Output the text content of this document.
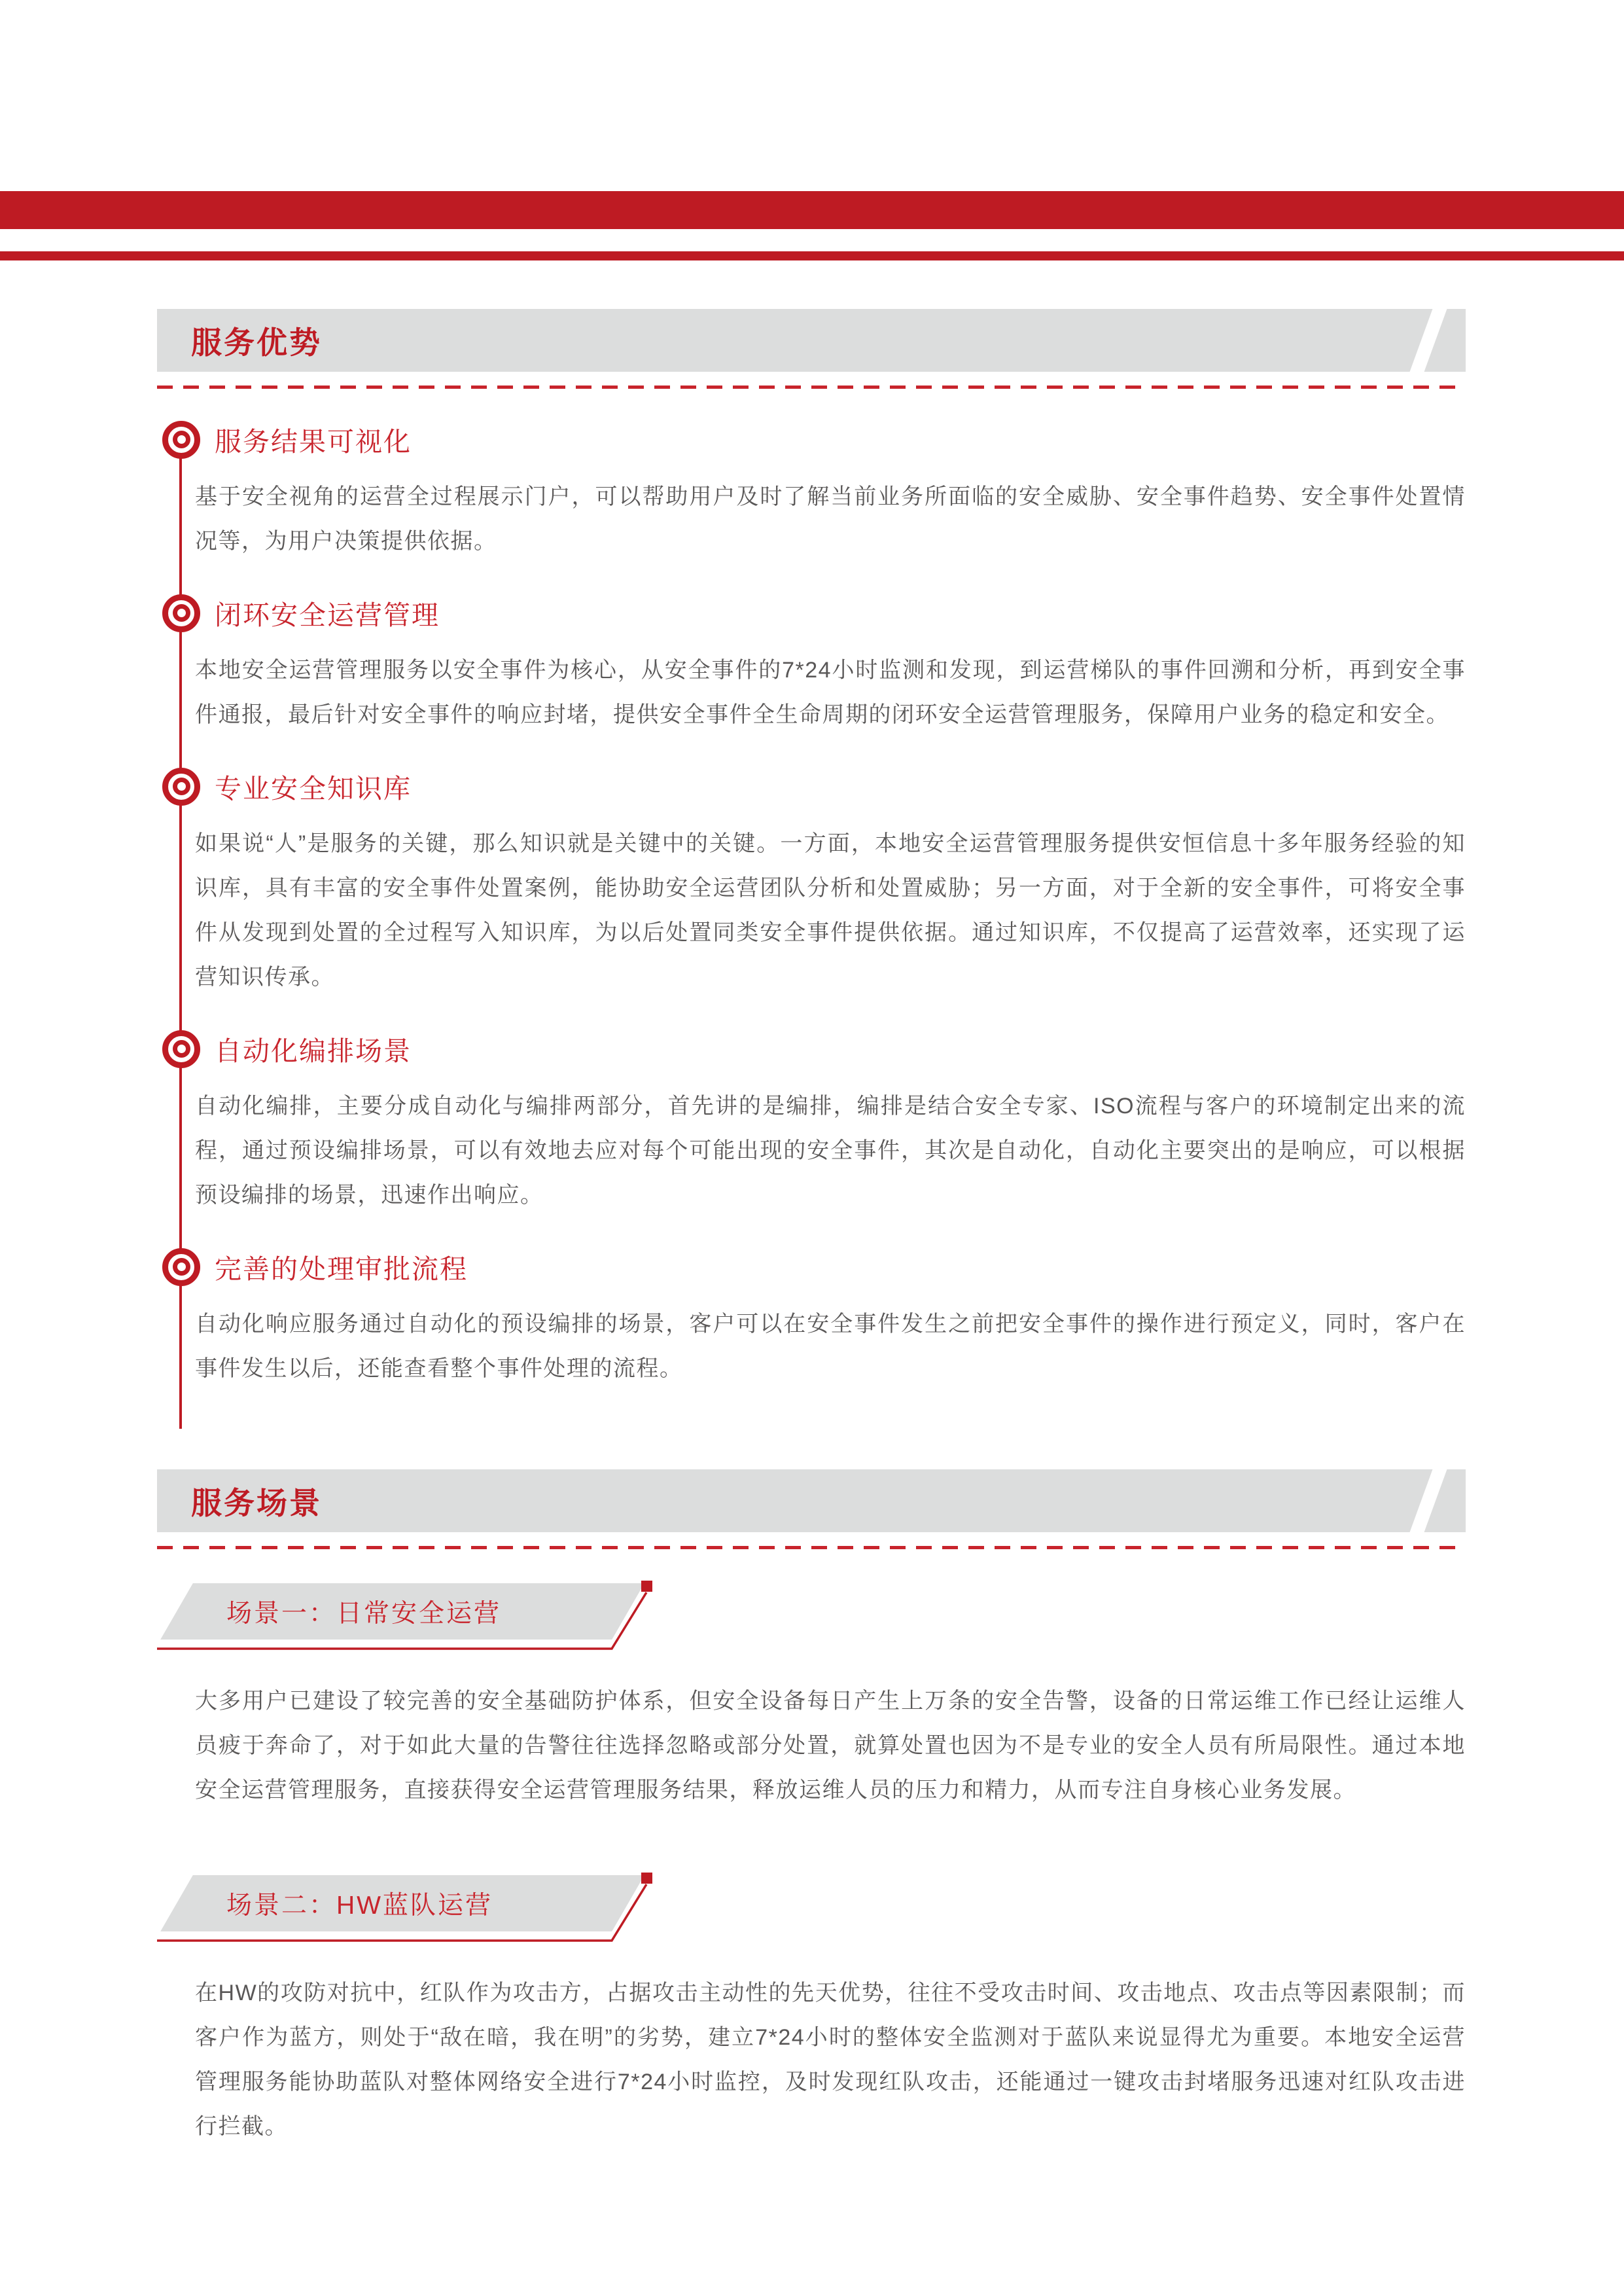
服务优势
服务结果可视化
基于安全视角的运营全过程展示门户，可以帮助用户及时了解当前业务所面临的安全威胁、安全事件趋势、安全事件处置情况等，为用户决策提供依据。
闭环安全运营管理
本地安全运营管理服务以安全事件为核心，从安全事件的7*24小时监测和发现，到运营梯队的事件回溯和分析，再到安全事件通报，最后针对安全事件的响应封堵，提供安全事件全生命周期的闭环安全运营管理服务，保障用户业务的稳定和安全。
专业安全知识库
如果说“人”是服务的关键，那么知识就是关键中的关键。一方面，本地安全运营管理服务提供安恒信息十多年服务经验的知识库，具有丰富的安全事件处置案例，能协助安全运营团队分析和处置威胁；另一方面，对于全新的安全事件，可将安全事件从发现到处置的全过程写入知识库，为以后处置同类安全事件提供依据。通过知识库，不仅提高了运营效率，还实现了运营知识传承。
自动化编排场景
自动化编排，主要分成自动化与编排两部分，首先讲的是编排，编排是结合安全专家、ISO流程与客户的环境制定出来的流程，通过预设编排场景，可以有效地去应对每个可能出现的安全事件，其次是自动化，自动化主要突出的是响应，可以根据预设编排的场景，迅速作出响应。
完善的处理审批流程
自动化响应服务通过自动化的预设编排的场景，客户可以在安全事件发生之前把安全事件的操作进行预定义，同时，客户在事件发生以后，还能查看整个事件处理的流程。
服务场景
场景一：日常安全运营
大多用户已建设了较完善的安全基础防护体系，但安全设备每日产生上万条的安全告警，设备的日常运维工作已经让运维人员疲于奔命了，对于如此大量的告警往往选择忽略或部分处置，就算处置也因为不是专业的安全人员有所局限性。通过本地安全运营管理服务，直接获得安全运营管理服务结果，释放运维人员的压力和精力，从而专注自身核心业务发展。
场景二：HW蓝队运营
在HW的攻防对抗中，红队作为攻击方，占据攻击主动性的先天优势，往往不受攻击时间、攻击地点、攻击点等因素限制；而客户作为蓝方，则处于“敌在暗，我在明”的劣势，建立7*24小时的整体安全监测对于蓝队来说显得尤为重要。本地安全运营管理服务能协助蓝队对整体网络安全进行7*24小时监控，及时发现红队攻击，还能通过一键攻击封堵服务迅速对红队攻击进行拦截。
